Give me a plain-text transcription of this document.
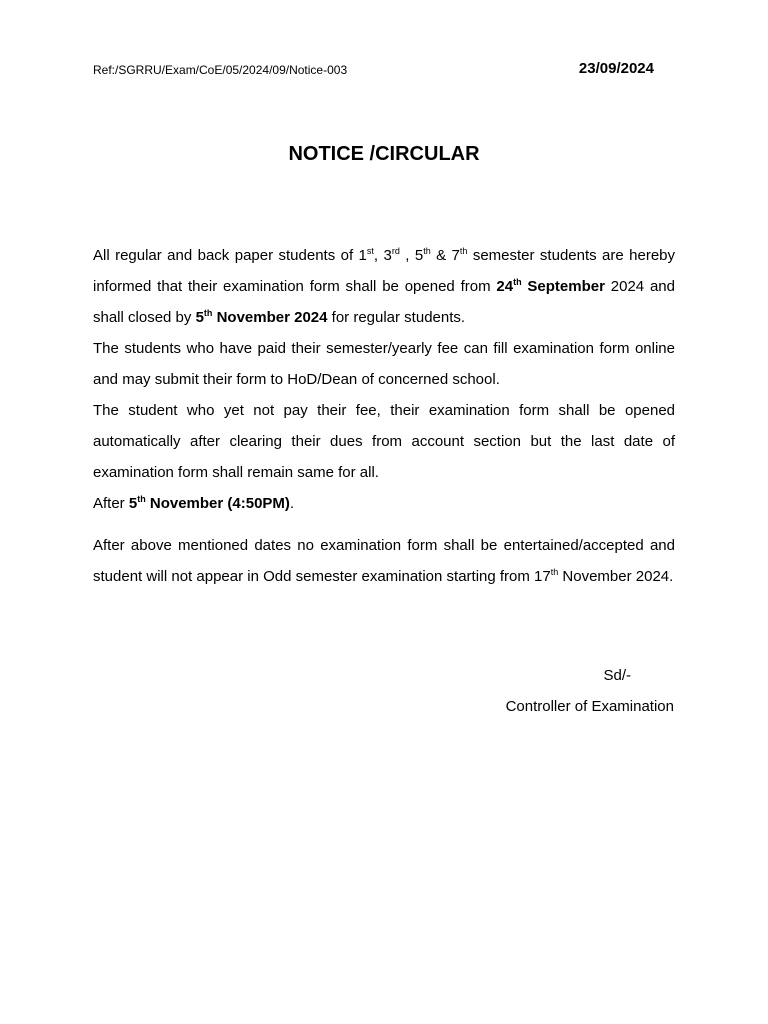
Ref:/SGRRU/Exam/CoE/05/2024/09/Notice-003	23/09/2024
NOTICE /CIRCULAR

All regular and back paper students of 1st, 3rd , 5th & 7th semester students are hereby informed that their examination form shall be opened from 24th September 2024 and shall closed by 5th November 2024 for regular students.

The students who have paid their semester/yearly fee can fill examination form online and may submit their form to HoD/Dean of concerned school.

The student who yet not pay their fee, their examination form shall be opened automatically after clearing their dues from account section but the last date of examination form shall remain same for all.

After 5th November (4:50PM).

After above mentioned dates no examination form shall be entertained/accepted and student will not appear in Odd semester examination starting from 17th November 2024.

Sd/-
Controller of Examination
